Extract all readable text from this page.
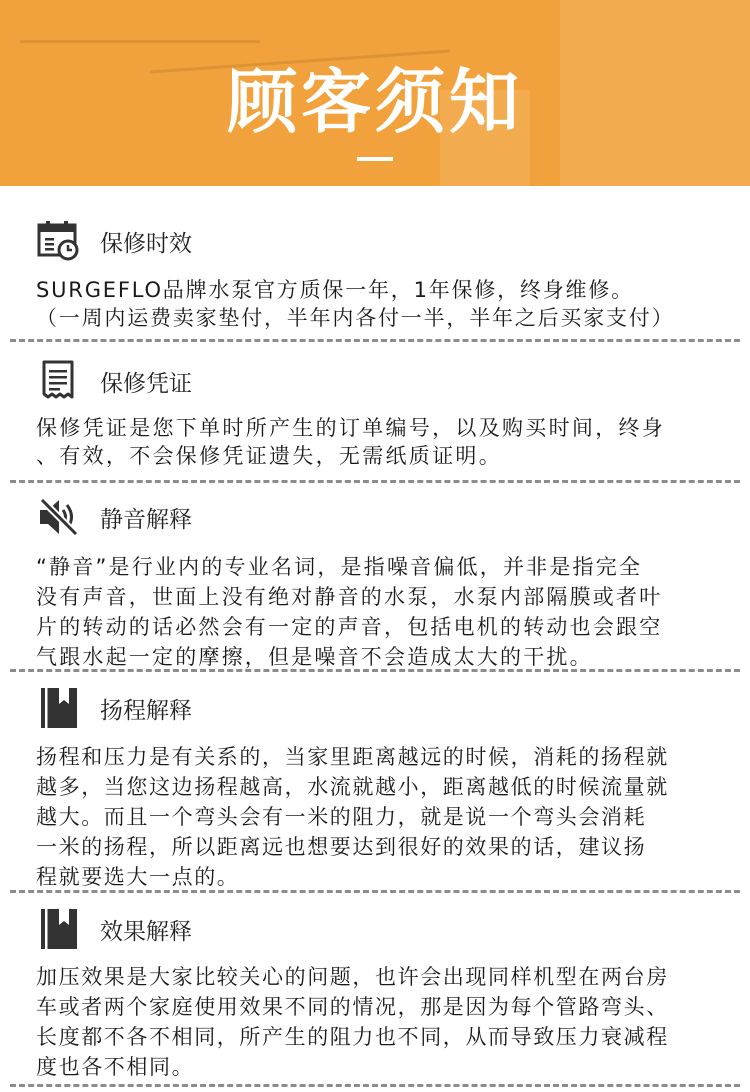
顾客须知
保修时效
SURGEFLO品牌水泵官方质保一年，1年保修，终身维修。
（一周内运费卖家垫付，半年内各付一半，半年之后买家支付）
保修凭证
保修凭证是您下单时所产生的订单编号，以及购买时间，终身
、有效，不会保修凭证遗失，无需纸质证明。
静音解释
“静音”是行业内的专业名词，是指噪音偏低，并非是指完全
没有声音，世面上没有绝对静音的水泵，水泵内部隔膜或者叶
片的转动的话必然会有一定的声音，包括电机的转动也会跟空
气跟水起一定的摩擦，但是噪音不会造成太大的干扰。
扬程解释
扬程和压力是有关系的，当家里距离越远的时候，消耗的扬程就
越多，当您这边扬程越高，水流就越小，距离越低的时候流量就
越大。而且一个弯头会有一米的阻力，就是说一个弯头会消耗
一米的扬程，所以距离远也想要达到很好的效果的话，建议扬
程就要选大一点的。
效果解释
加压效果是大家比较关心的问题，也许会出现同样机型在两台房
车或者两个家庭使用效果不同的情况，那是因为每个管路弯头、
长度都不各不相同，所产生的阻力也不同，从而导致压力衰减程
度也各不相同。
